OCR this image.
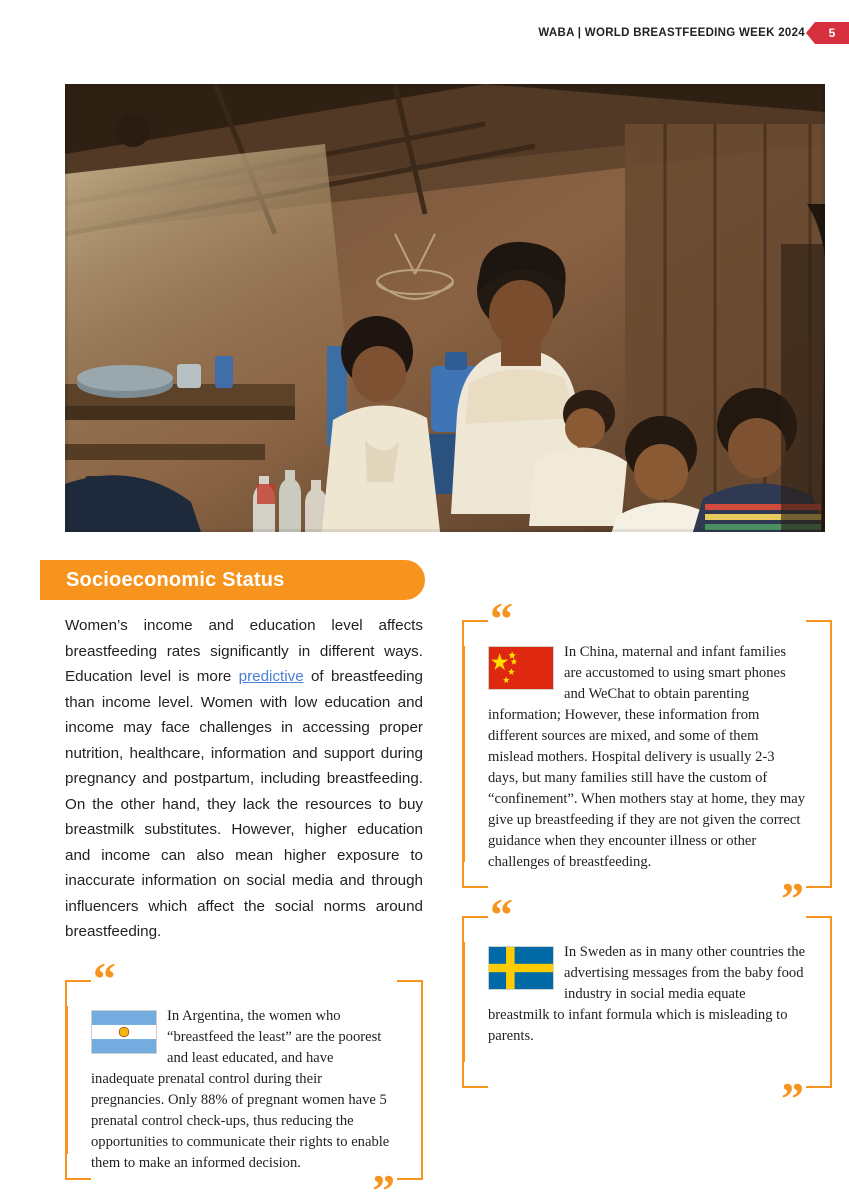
WABA | WORLD BREASTFEEDING WEEK 2024	5
Socioeconomic Status
Women’s income and education level affects breastfeeding rates significantly in different ways. Education level is more predictive of breastfeeding than income level. Women with low education and income may face challenges in accessing proper nutrition, healthcare, information and support during pregnancy and postpartum, including breastfeeding. On the other hand, they lack the resources to buy breastmilk substitutes. However, higher education and income can also mean higher exposure to inaccurate information on social media and through influencers which affect the social norms around breastfeeding.
“
”
In China, maternal and infant families are accustomed to using smart phones and WeChat to obtain parenting information; However, these information from different sources are mixed, and some of them mislead mothers. Hospital delivery is usually 2-3 days, but many families still have the custom of “confinement”. When mothers stay at home, they may give up breastfeeding if they are not given the correct guidance when they encounter illness or other challenges of breastfeeding.
“
”
In Sweden as in many other countries the advertising messages from the baby food industry in social media equate breastmilk to infant formula which is misleading to parents.
“
”
In Argentina, the women who “breastfeed the least” are the poorest and least educated, and have inadequate prenatal control during their pregnancies. Only 88% of pregnant women have 5 prenatal control check-ups, thus reducing the opportunities to communicate their rights to enable them to make an informed decision.
